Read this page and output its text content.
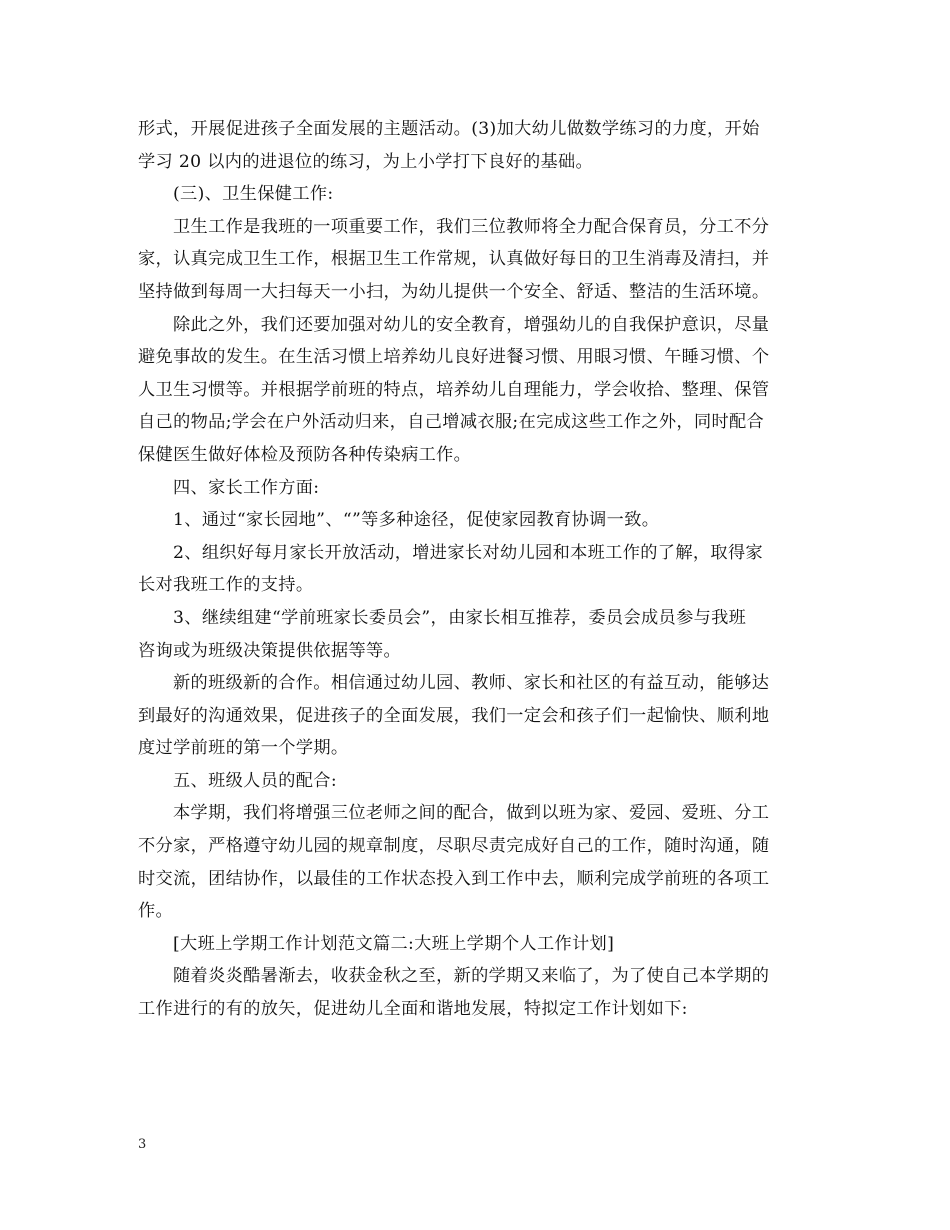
形式，开展促进孩子全面发展的主题活动。(3)加大幼儿做数学练习的力度，开始
学习 20 以内的进退位的练习，为上小学打下良好的基础。

(三)、卫生保健工作:

卫生工作是我班的一项重要工作，我们三位教师将全力配合保育员，分工不分
家，认真完成卫生工作，根据卫生工作常规，认真做好每日的卫生消毒及清扫，并
坚持做到每周一大扫每天一小扫，为幼儿提供一个安全、舒适、整洁的生活环境。

除此之外，我们还要加强对幼儿的安全教育，增强幼儿的自我保护意识，尽量
避免事故的发生。在生活习惯上培养幼儿良好进餐习惯、用眼习惯、午睡习惯、个
人卫生习惯等。并根据学前班的特点，培养幼儿自理能力，学会收拾、整理、保管
自己的物品;学会在户外活动归来，自己增减衣服;在完成这些工作之外，同时配合
保健医生做好体检及预防各种传染病工作。

四、家长工作方面:

1、通过“家长园地”、“”等多种途径，促使家园教育协调一致。

2、组织好每月家长开放活动，增进家长对幼儿园和本班工作的了解，取得家
长对我班工作的支持。

3、继续组建“学前班家长委员会”，由家长相互推荐，委员会成员参与我班
咨询或为班级决策提供依据等等。

新的班级新的合作。相信通过幼儿园、教师、家长和社区的有益互动，能够达
到最好的沟通效果，促进孩子的全面发展，我们一定会和孩子们一起愉快、顺利地
度过学前班的第一个学期。

五、班级人员的配合:

本学期，我们将增强三位老师之间的配合，做到以班为家、爱园、爱班、分工
不分家，严格遵守幼儿园的规章制度，尽职尽责完成好自己的工作，随时沟通，随
时交流，团结协作，以最佳的工作状态投入到工作中去，顺利完成学前班的各项工
作。

[大班上学期工作计划范文篇二:大班上学期个人工作计划]

随着炎炎酷暑渐去，收获金秋之至，新的学期又来临了，为了使自己本学期的
工作进行的有的放矢，促进幼儿全面和谐地发展，特拟定工作计划如下:

3
